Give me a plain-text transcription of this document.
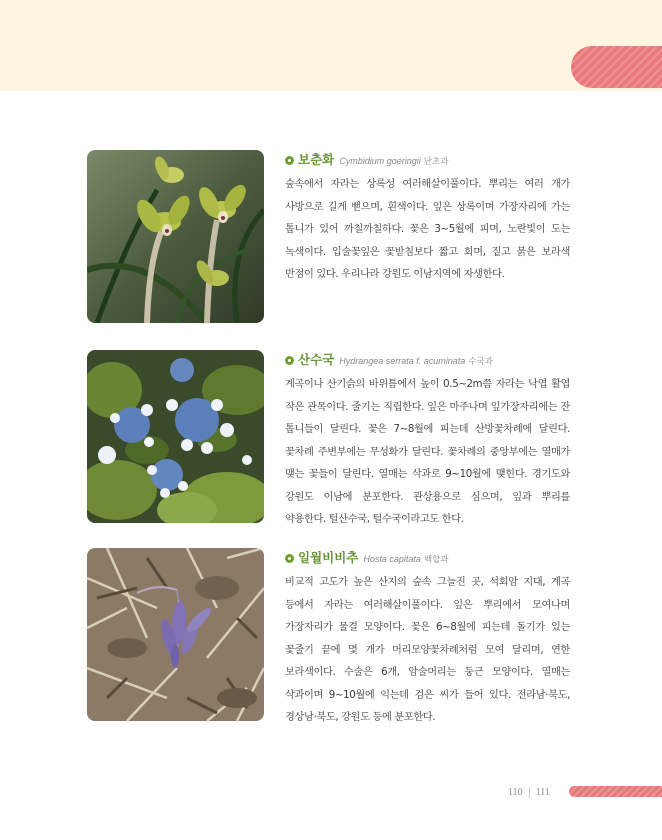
보춘화 Cymbidium goeringii 난초과

숲속에서 자라는 상록성 여러해살이풀이다. 뿌리는 여러 개가 사방으로 길게 뻗으며, 흰색이다. 잎은 상록이며 가장자리에 가는 톱니가 있어 까칠까칠하다. 꽃은 3~5월에 피며, 노란빛이 도는 녹색이다. 입술꽃잎은 꽃받침보다 짧고 희며, 짙고 붉은 보라색 반점이 있다. 우리나라 강원도 이남지역에 자생한다.

산수국 Hydrangea serrata f. acuminata 수국과

계곡이나 산기슭의 바위틈에서 높이 0.5~2m쯤 자라는 낙엽 활엽 작은 관목이다. 줄기는 직립한다. 잎은 마주나며 잎가장자리에는 잔 톱니들이 달린다. 꽃은 7~8월에 피는데 산방꽃차례에 달린다. 꽃차례 주변부에는 무성화가 달린다. 꽃차례의 중앙부에는 열매가 맺는 꽃들이 달린다. 열매는 삭과로 9~10월에 맺힌다. 경기도와 강원도 이남에 분포한다. 관상용으로 심으며, 잎과 뿌리를 약용한다. 털산수국, 털수국이라고도 한다.

일월비비추 Hosta capitata 백합과

비교적 고도가 높은 산지의 숲속 그늘진 곳, 석회암 지대, 계곡 등에서 자라는 여러해살이풀이다. 잎은 뿌리에서 모여나며 가장자리가 물결 모양이다. 꽃은 6~8월에 피는데 돌기가 있는 꽃줄기 끝에 몇 개가 머리모양꽃차례처럼 모여 달리며, 연한 보라색이다. 수술은 6개, 암술머리는 둥근 모양이다. 열매는 삭과이며 9~10월에 익는데 검은 씨가 들어 있다. 전라남·북도, 경상남·북도, 강원도 등에 분포한다.

110 111
